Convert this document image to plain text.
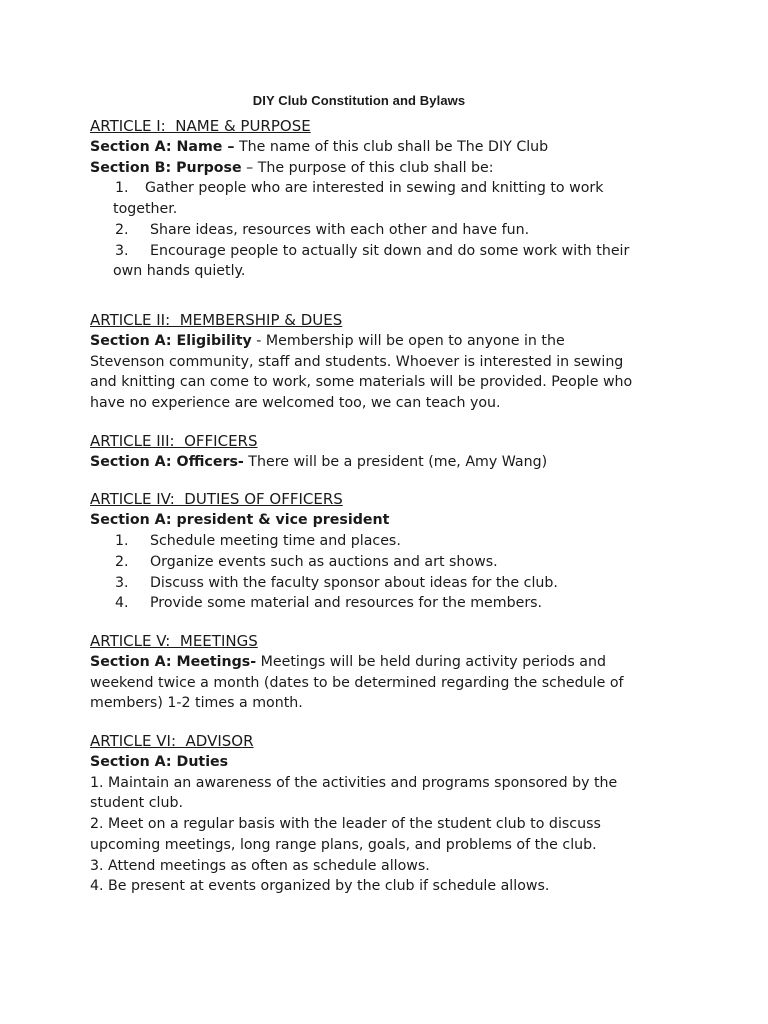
DIY Club Constitution and Bylaws
ARTICLE I:  NAME & PURPOSE

Section A: Name – The name of this club shall be The DIY Club

Section B: Purpose – The purpose of this club shall be:

1.	Gather people who are interested in sewing and knitting to work

together.

2.	Share ideas, resources with each other and have fun.
3.	Encourage people to actually sit down and do some work with their

own hands quietly.

ARTICLE II:  MEMBERSHIP & DUES

Section A: Eligibility - Membership will be open to anyone in the

Stevenson community, staff and students. Whoever is interested in sewing

and knitting can come to work, some materials will be provided. People who

have no experience are welcomed too, we can teach you.

ARTICLE III:  OFFICERS

Section A: Officers- There will be a president (me, Amy Wang)

ARTICLE IV:  DUTIES OF OFFICERS

Section A: president & vice president

1.	Schedule meeting time and places.
2.	Organize events such as auctions and art shows.
3.	Discuss with the faculty sponsor about ideas for the club.
4.	Provide some material and resources for the members.
ARTICLE V:  MEETINGS

Section A: Meetings- Meetings will be held during activity periods and

weekend twice a month (dates to be determined regarding the schedule of

members) 1-2 times a month.

ARTICLE VI:  ADVISOR

Section A: Duties

1. Maintain an awareness of the activities and programs sponsored by the

student club.

2. Meet on a regular basis with the leader of the student club to discuss

upcoming meetings, long range plans, goals, and problems of the club.

3. Attend meetings as often as schedule allows.

4. Be present at events organized by the club if schedule allows.
